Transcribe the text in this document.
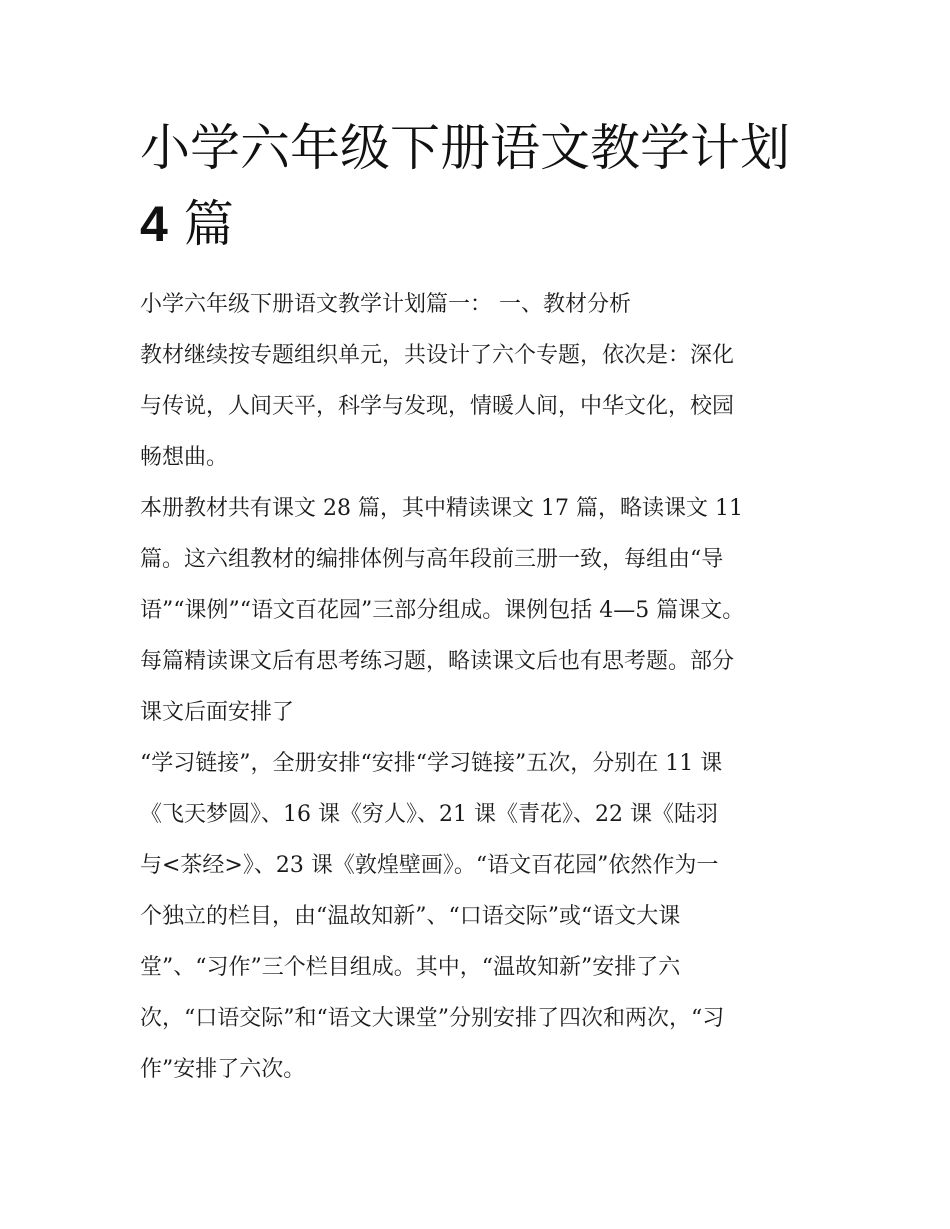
小学六年级下册语文教学计划
4 篇
小学六年级下册语文教学计划篇一： 一、教材分析
教材继续按专题组织单元，共设计了六个专题，依次是：深化
与传说，人间天平，科学与发现，情暖人间，中华文化，校园
畅想曲。
本册教材共有课文 28 篇，其中精读课文 17 篇，略读课文 11
篇。这六组教材的编排体例与高年段前三册一致，每组由“导
语”“课例”“语文百花园”三部分组成。课例包括 4—5 篇课文。
每篇精读课文后有思考练习题，略读课文后也有思考题。部分
课文后面安排了
“学习链接”，全册安排“安排“学习链接”五次，分别在 11 课
《飞天梦圆》、16 课《穷人》、21 课《青花》、22 课《陆羽
与<茶经>》、23 课《敦煌壁画》。“语文百花园”依然作为一
个独立的栏目，由“温故知新”、“口语交际”或“语文大课
堂”、“习作”三个栏目组成。其中，“温故知新”安排了六
次，“口语交际”和“语文大课堂”分别安排了四次和两次，“习
作”安排了六次。
